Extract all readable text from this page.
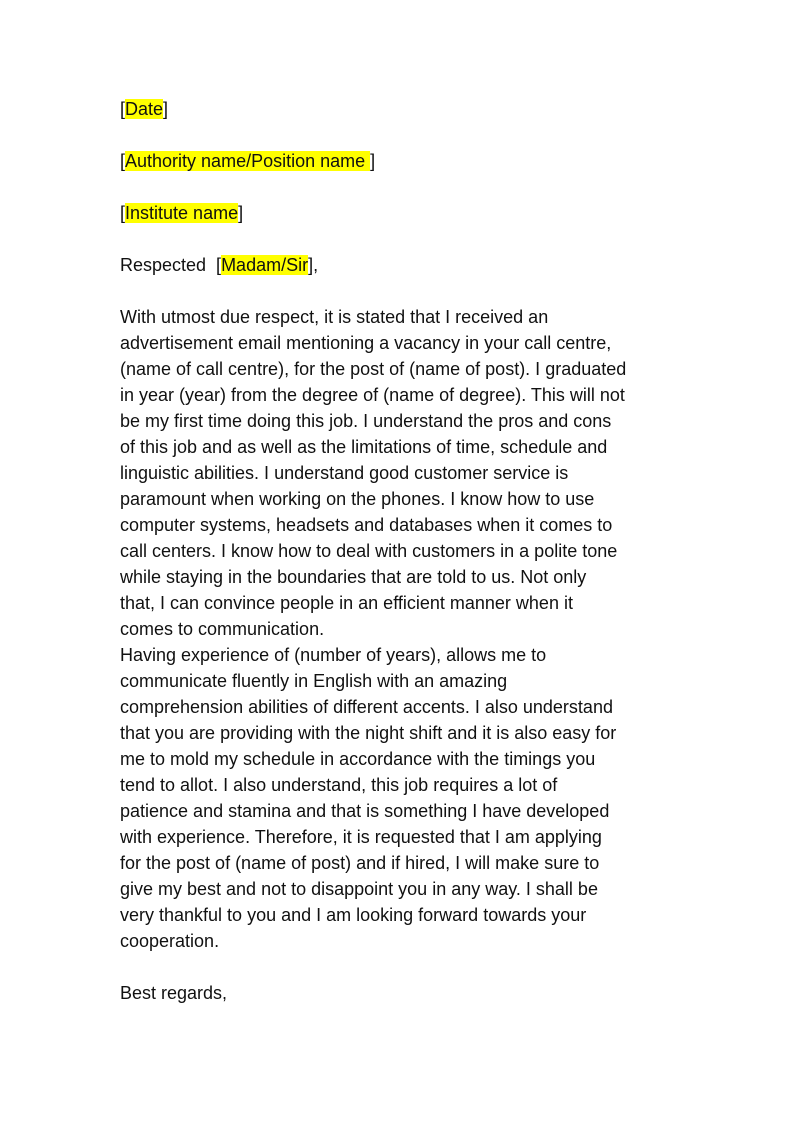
[Date]

[Authority name/Position name ]

[Institute name]

Respected  [Madam/Sir],

With utmost due respect, it is stated that I received an
advertisement email mentioning a vacancy in your call centre,
(name of call centre), for the post of (name of post). I graduated
in year (year) from the degree of (name of degree). This will not
be my first time doing this job. I understand the pros and cons
of this job and as well as the limitations of time, schedule and
linguistic abilities. I understand good customer service is
paramount when working on the phones. I know how to use
computer systems, headsets and databases when it comes to
call centers. I know how to deal with customers in a polite tone
while staying in the boundaries that are told to us. Not only
that, I can convince people in an efficient manner when it
comes to communication.
Having experience of (number of years), allows me to
communicate fluently in English with an amazing
comprehension abilities of different accents. I also understand
that you are providing with the night shift and it is also easy for
me to mold my schedule in accordance with the timings you
tend to allot. I also understand, this job requires a lot of
patience and stamina and that is something I have developed
with experience. Therefore, it is requested that I am applying
for the post of (name of post) and if hired, I will make sure to
give my best and not to disappoint you in any way. I shall be
very thankful to you and I am looking forward towards your
cooperation.

Best regards,
